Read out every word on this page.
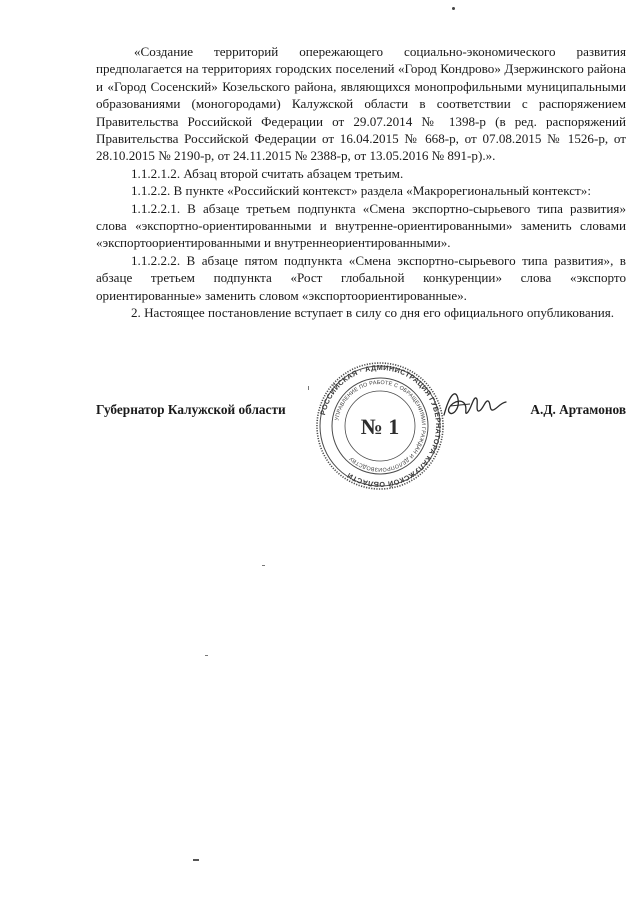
«Создание территорий опережающего социально-экономического развития предполагается на территориях городских поселений «Город Кондрово» Дзержинского района и «Город Сосенский» Козельского района, являющихся монопрофильными муниципальными образованиями (моногородами) Калужской области в соответствии с распоряжением Правительства Российской Федерации от 29.07.2014 № 1398-р (в ред. распоряжений Правительства Российской Федерации от 16.04.2015 № 668-р, от 07.08.2015 № 1526-р, от 28.10.2015 № 2190-р, от 24.11.2015 № 2388-р, от 13.05.2016 № 891-р).».

1.1.2.1.2. Абзац второй считать абзацем третьим.

1.1.2.2. В пункте «Российский контекст» раздела «Макрорегиональный контекст»:

1.1.2.2.1. В абзаце третьем подпункта «Смена экспортно-сырьевого типа развития» слова «экспортно-ориентированными и внутренне-ориентированными» заменить словами «экспортоориентированными и внутреннеориентированными».

1.1.2.2.2. В абзаце пятом подпункта «Смена экспортно-сырьевого типа развития», в абзаце третьем подпункта «Рост глобальной конкуренции» слова «экспорто ориентированные» заменить словом «экспортоориентированные».

2. Настоящее постановление вступает в силу со дня его официального опубликования.

Губернатор Калужской области	А.Д. Артамонов
РОССИЙСКАЯ · АДМИНИСТРАЦИЯ ГУБЕРНАТОРА КАЛУЖСКОЙ ОБЛАСТИ
УПРАВЛЕНИЕ ПО РАБОТЕ С ОБРАЩЕНИЯМИ ГРАЖДАН И ДЕЛОПРОИЗВОДСТВУ
№ 1
